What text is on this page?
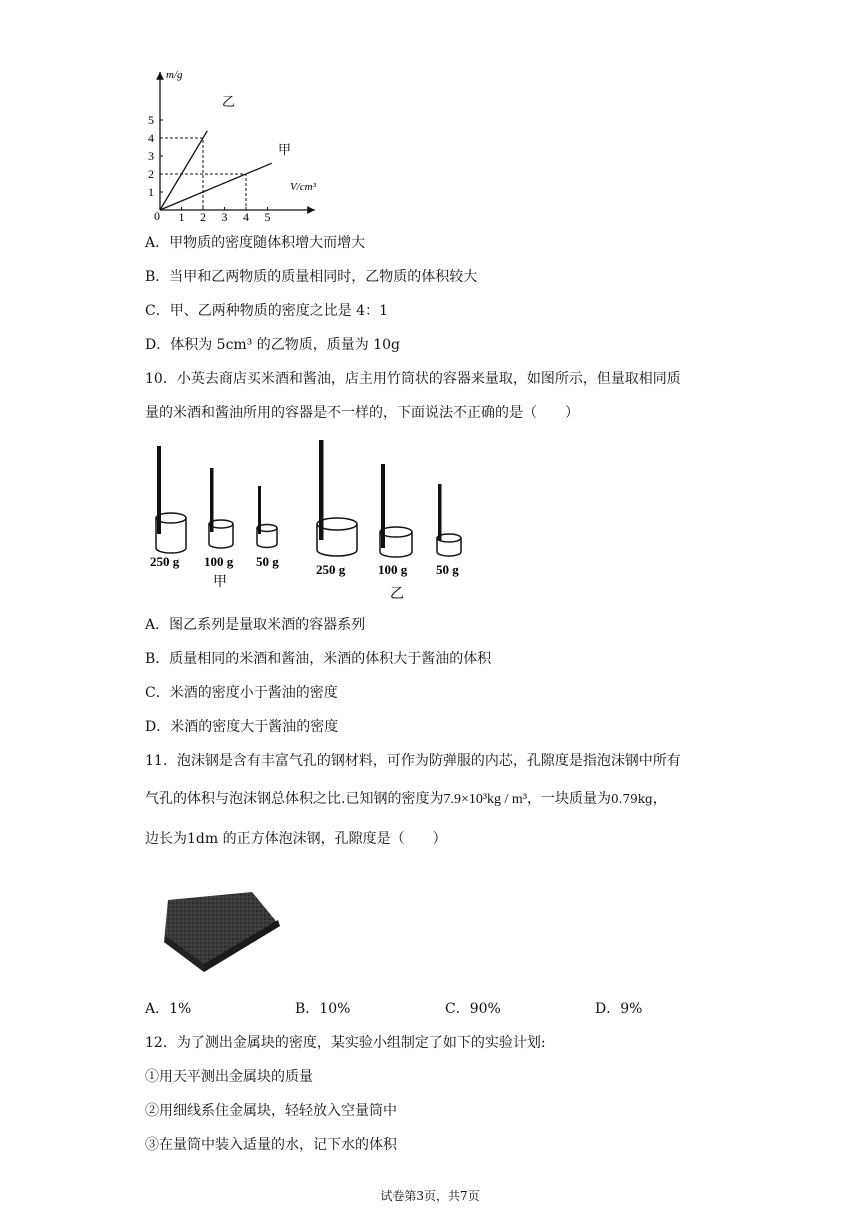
1 2 3 4 5
1
2
3
4
5
m/g
V/cm³
0
乙
甲
A．甲物质的密度随体积增大而增大
B．当甲和乙两物质的质量相同时，乙物质的体积较大
C．甲、乙两种物质的密度之比是 4：1
D．体积为 5cm³ 的乙物质，质量为 10g
10．小英去商店买米酒和酱油，店主用竹筒状的容器来量取，如图所示，但量取相同质
量的米酒和酱油所用的容器是不一样的，下面说法不正确的是（　　）
250 g 100 g 50 g
甲
250 g	100 g 50 g
乙
A．图乙系列是量取米酒的容器系列
B．质量相同的米酒和酱油，米酒的体积大于酱油的体积
C．米酒的密度小于酱油的密度
D．米酒的密度大于酱油的密度
11．泡沫钢是含有丰富气孔的钢材料，可作为防弹服的内芯，孔隙度是指泡沫钢中所有
气孔的体积与泡沫钢总体积之比.已知钢的密度为7.9×10³kg / m³，一块质量为0.79kg，
边长为1dm 的正方体泡沫钢，孔隙度是（　　）
A．1%	B．10%	C．90%	D．9%
12．为了测出金属块的密度，某实验小组制定了如下的实验计划:
①用天平测出金属块的质量
②用细线系住金属块，轻轻放入空量筒中
③在量筒中装入适量的水，记下水的体积
试卷第3页，共7页
